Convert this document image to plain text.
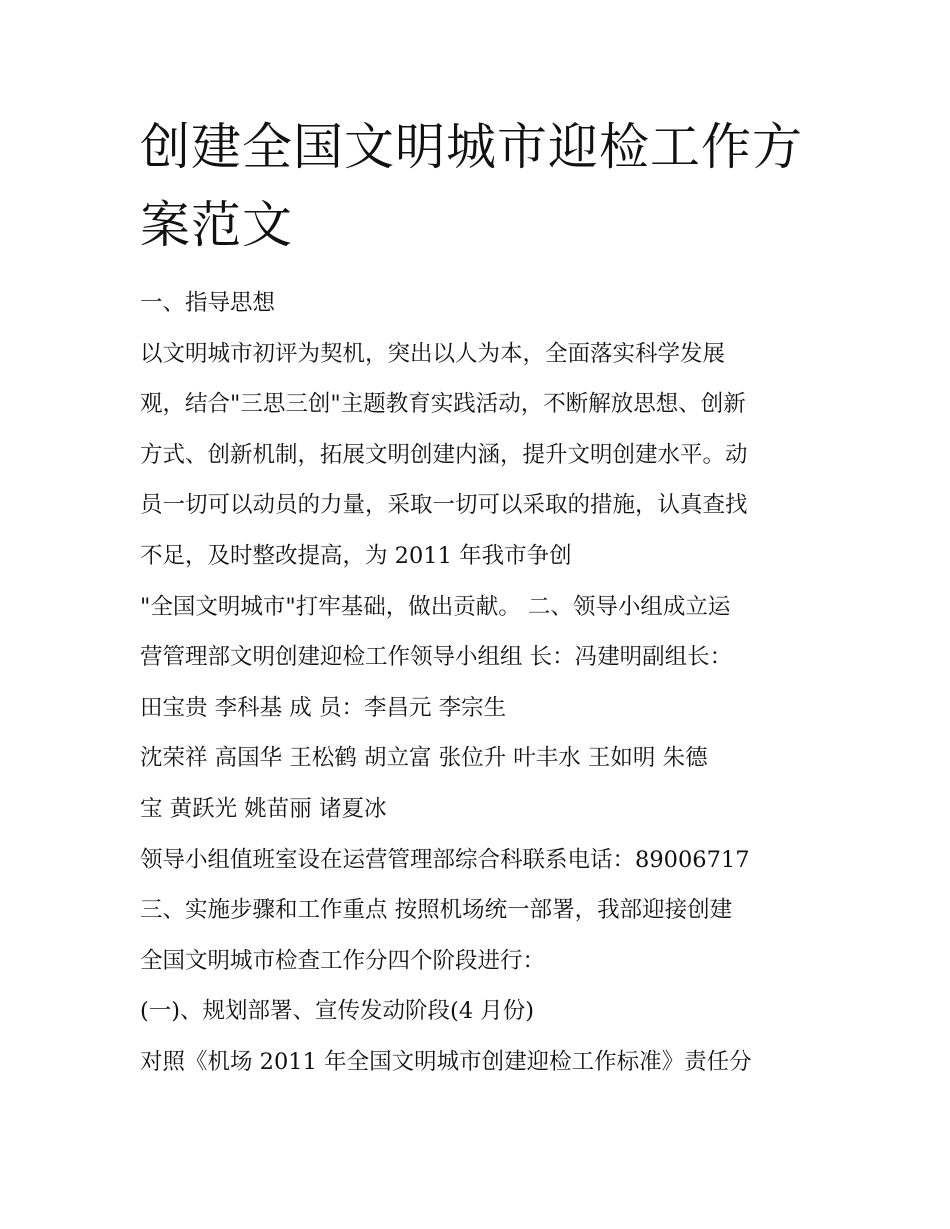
创建全国文明城市迎检工作方案范文
一、指导思想
以文明城市初评为契机，突出以人为本，全面落实科学发展
观，结合"三思三创"主题教育实践活动，不断解放思想、创新
方式、创新机制，拓展文明创建内涵，提升文明创建水平。动
员一切可以动员的力量，采取一切可以采取的措施，认真查找
不足，及时整改提高，为 2011 年我市争创
"全国文明城市"打牢基础，做出贡献。 二、领导小组成立运
营管理部文明创建迎检工作领导小组组 长：冯建明副组长：
田宝贵 李科基 成 员：李昌元 李宗生
沈荣祥 高国华 王松鹤 胡立富 张位升 叶丰水 王如明 朱德
宝 黄跃光 姚苗丽 诸夏冰
领导小组值班室设在运营管理部综合科联系电话：89006717
三、实施步骤和工作重点 按照机场统一部署，我部迎接创建
全国文明城市检查工作分四个阶段进行：
(一)、规划部署、宣传发动阶段(4 月份)
对照《机场 2011 年全国文明城市创建迎检工作标准》责任分
